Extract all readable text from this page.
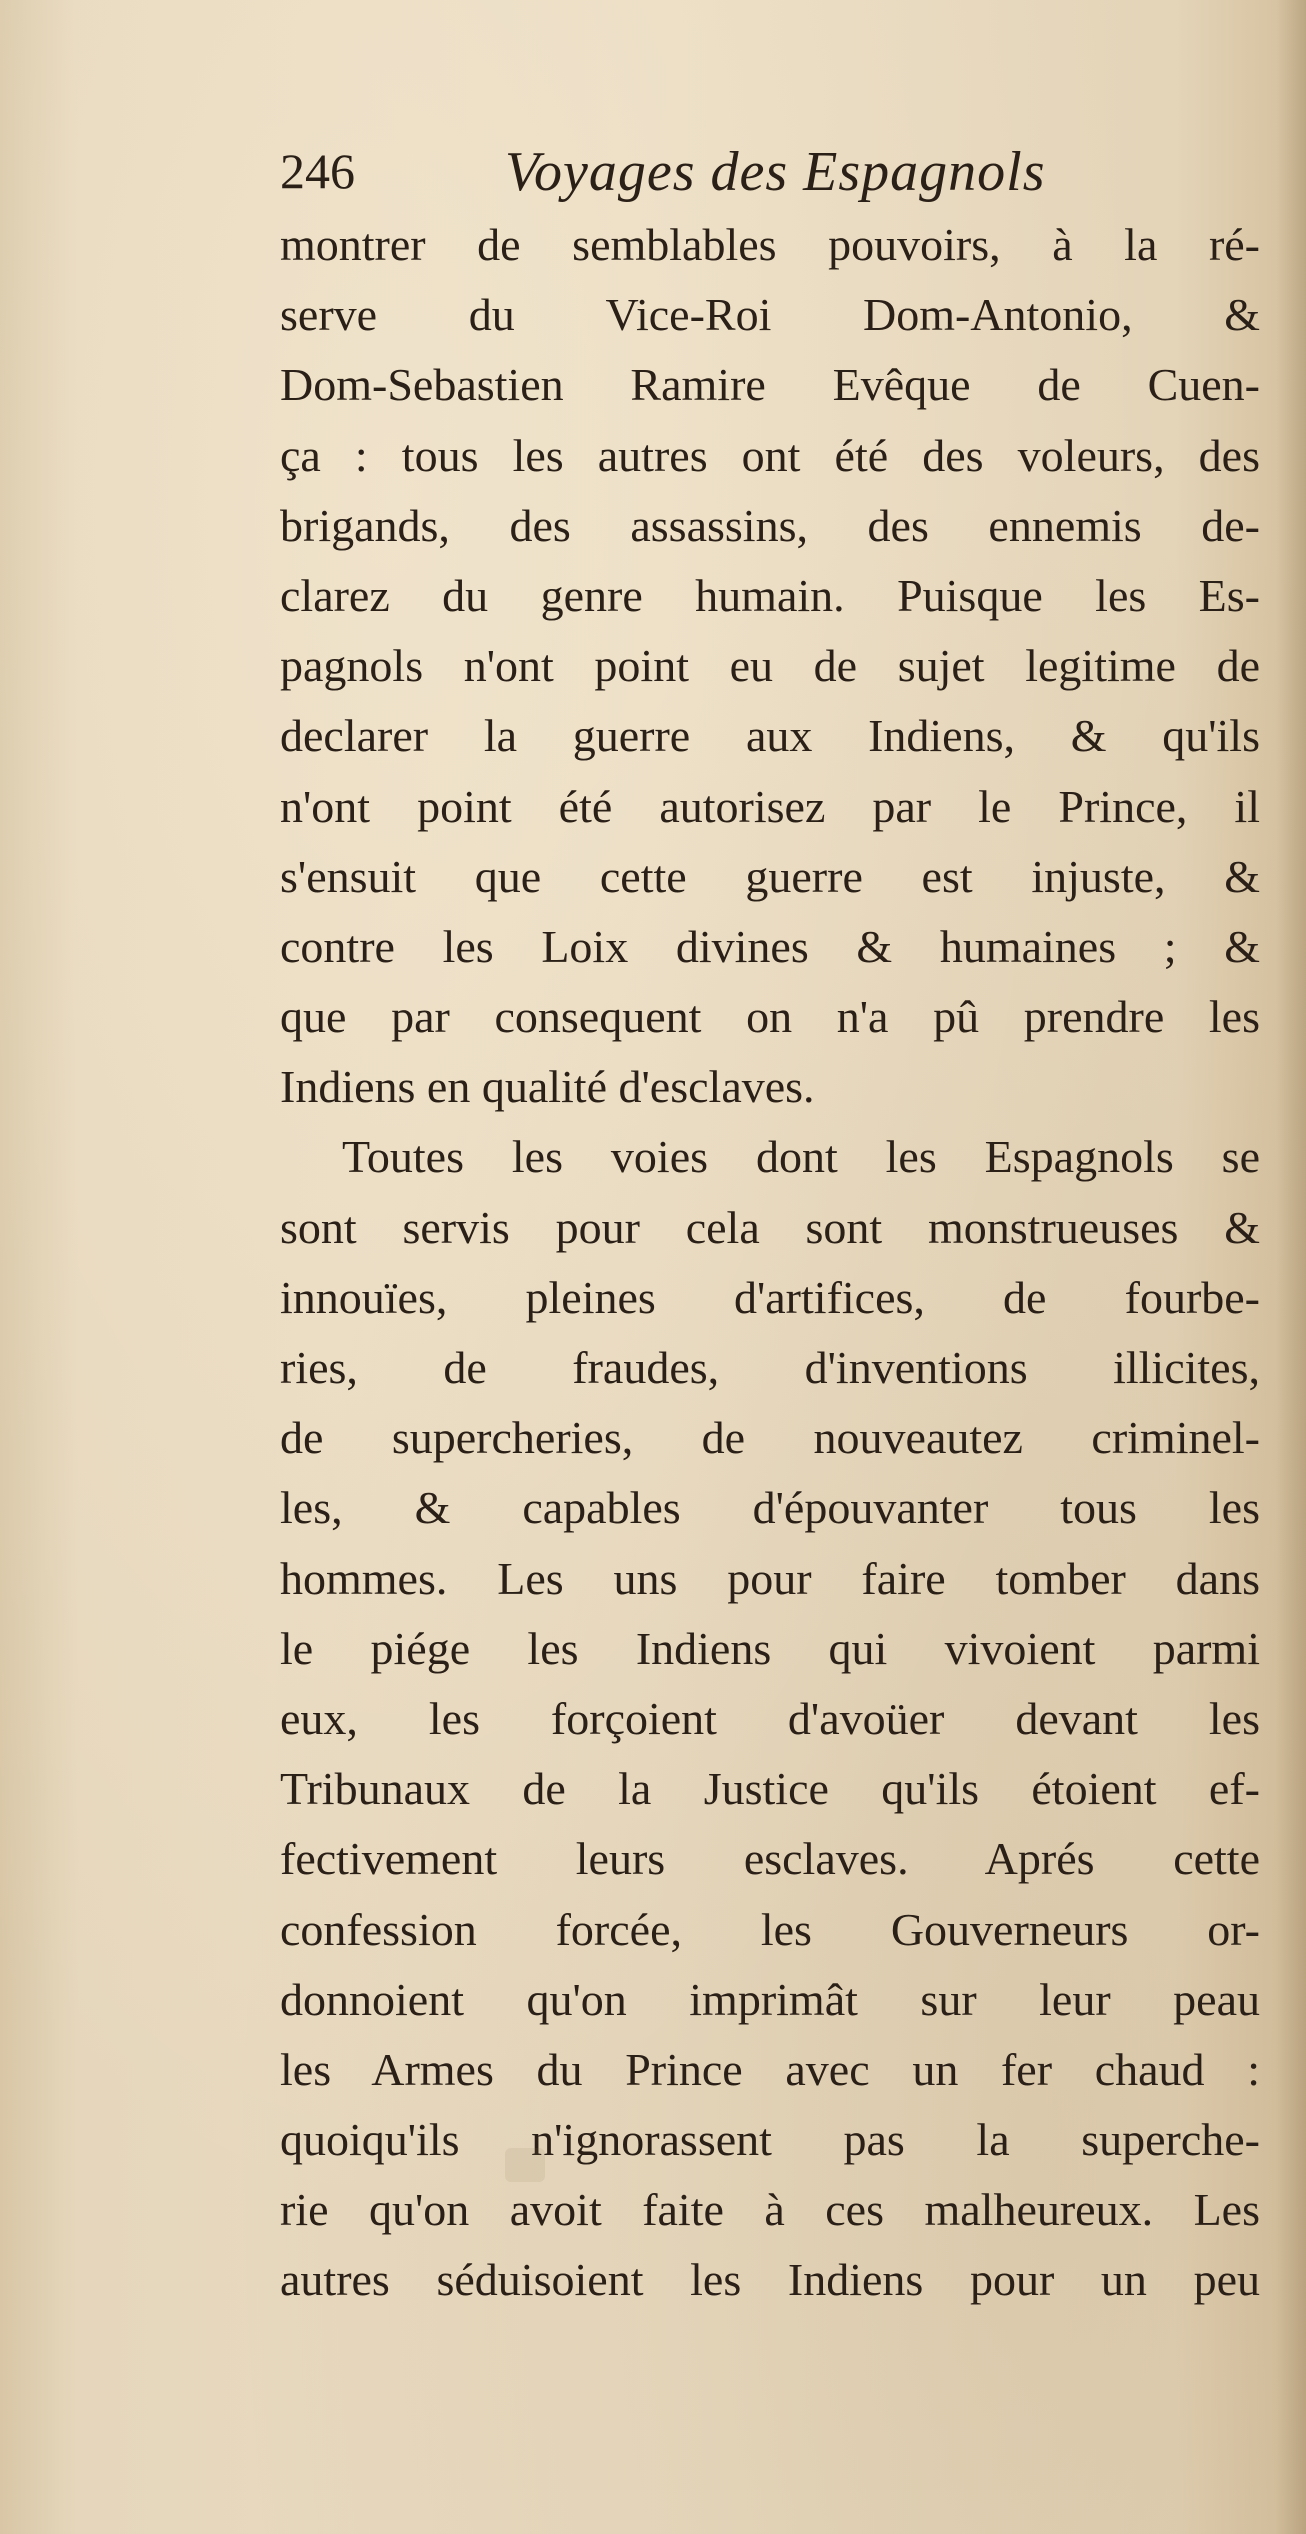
246	Voyages des Espagnols
montrer de semblables pouvoirs, à la ré-
serve du Vice-Roi Dom-Antonio, &
Dom-Sebastien Ramire Evêque de Cuen-
ça : tous les autres ont été des voleurs, des
brigands, des assassins, des ennemis de-
clarez du genre humain. Puisque les Es-
pagnols n'ont point eu de sujet legitime de
declarer la guerre aux Indiens, & qu'ils
n'ont point été autorisez par le Prince, il
s'ensuit que cette guerre est injuste, &
contre les Loix divines & humaines ; &
que par consequent on n'a pû prendre les
Indiens en qualité d'esclaves.
Toutes les voies dont les Espagnols se
sont servis pour cela sont monstrueuses &
innouïes, pleines d'artifices, de fourbe-
ries, de fraudes, d'inventions illicites,
de supercheries, de nouveautez criminel-
les, & capables d'épouvanter tous les
hommes. Les uns pour faire tomber dans
le piége les Indiens qui vivoient parmi
eux, les forçoient d'avoüer devant les
Tribunaux de la Justice qu'ils étoient ef-
fectivement leurs esclaves. Aprés cette
confession forcée, les Gouverneurs or-
donnoient qu'on imprimât sur leur peau
les Armes du Prince avec un fer chaud :
quoiqu'ils n'ignorassent pas la superche-
rie qu'on avoit faite à ces malheureux. Les
autres séduisoient les Indiens pour un peu
